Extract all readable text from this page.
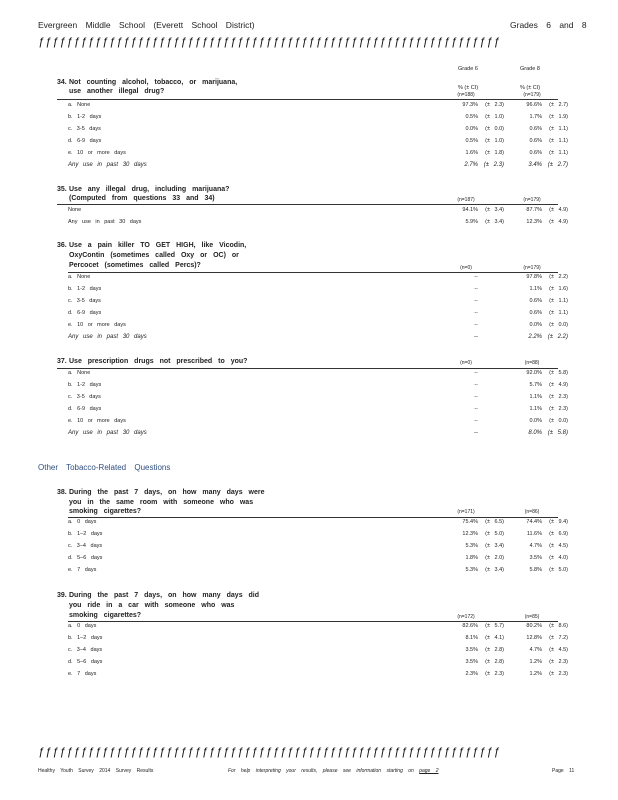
Evergreen Middle School (Everett School District)	Grades 6 and 8
ƒƒƒƒƒƒƒƒƒƒƒƒƒƒƒƒƒƒƒƒƒƒƒƒƒƒƒƒƒƒƒƒƒƒƒƒƒƒƒƒƒƒƒƒƒƒƒƒƒƒƒƒƒƒƒƒƒƒƒƒƒƒƒƒƒ
Grade 6	Grade 8
34. Not counting alcohol, tobacco, or marijuana,
use another illegal drug?	% (± CI)	% (± CI)
(n=188)	(n=179)
35. Use any illegal drug, including marijuana?
(Computed from questions 33 and 34)	(n=187)	(n=179)
36. Use a pain killer TO GET HIGH, like Vicodin,
OxyContin (sometimes called Oxy or OC) or
Percocet (sometimes called Percs)?	(n=0)	(n=179)
37. Use prescription drugs not prescribed to you?	(n=0)	(n=88)
Other Tobacco-Related Questions
38. During the past 7 days, on how many days were
you in the same room with someone who was
smoking cigarettes?	(n=171)	(n=86)
39. During the past 7 days, on how many days did
you ride in a car with someone who was
smoking cigarettes?	(n=172)	(n=85)
ƒƒƒƒƒƒƒƒƒƒƒƒƒƒƒƒƒƒƒƒƒƒƒƒƒƒƒƒƒƒƒƒƒƒƒƒƒƒƒƒƒƒƒƒƒƒƒƒƒƒƒƒƒƒƒƒƒƒƒƒƒƒƒƒƒ
Healthy Youth Survey 2014 Survey Results	For help interpreting your results, please see information starting on page 2	Page 11
a. None	97.3%	(± 2.3)	96.6%	(± 2.7)
b. 1-2 days	0.5%	(± 1.0)	1.7%	(± 1.9)
c. 3-5 days	0.0%	(± 0.0)	0.6%	(± 1.1)
d. 6-9 days	0.5%	(± 1.0)	0.6%	(± 1.1)
e. 10 or more days	1.6%	(± 1.8)	0.6%	(± 1.1)
Any use in past 30 days	2.7% (± 2.3)	3.4% (± 2.7)
None	94.1%	(± 3.4)	87.7%	(± 4.9)
Any use in past 30 days	5.9%	(± 3.4)	12.3%	(± 4.9)
a. None	--	97.8%	(± 2.2)
b. 1-2 days	--	1.1%	(± 1.6)
c. 3-5 days	--	0.6%	(± 1.1)
d. 6-9 days	--	0.6%	(± 1.1)
e. 10 or more days	--	0.0%	(± 0.0)
Any use in past 30 days	--	2.2% (± 2.2)
a. None	--	92.0%	(± 5.8)
b. 1-2 days	--	5.7%	(± 4.9)
c. 3-5 days	--	1.1%	(± 2.3)
d. 6-9 days	--	1.1%	(± 2.3)
e. 10 or more days	--	0.0%	(± 0.0)
Any use in past 30 days	--	8.0% (± 5.8)
a. 0 days	75.4%	(± 6.5)	74.4%	(± 9.4)
b. 1–2 days	12.3%	(± 5.0)	11.6%	(± 6.9)
c. 3–4 days	5.3%	(± 3.4)	4.7%	(± 4.5)
d. 5–6 days	1.8%	(± 2.0)	3.5%	(± 4.0)
e. 7 days	5.3%	(± 3.4)	5.8%	(± 5.0)
a. 0 days	82.6%	(± 5.7)	80.2%	(± 8.6)
b. 1–2 days	8.1%	(± 4.1)	12.8%	(± 7.2)
c. 3–4 days	3.5%	(± 2.8)	4.7%	(± 4.5)
d. 5–6 days	3.5%	(± 2.8)	1.2%	(± 2.3)
e. 7 days	2.3%	(± 2.3)	1.2%	(± 2.3)
